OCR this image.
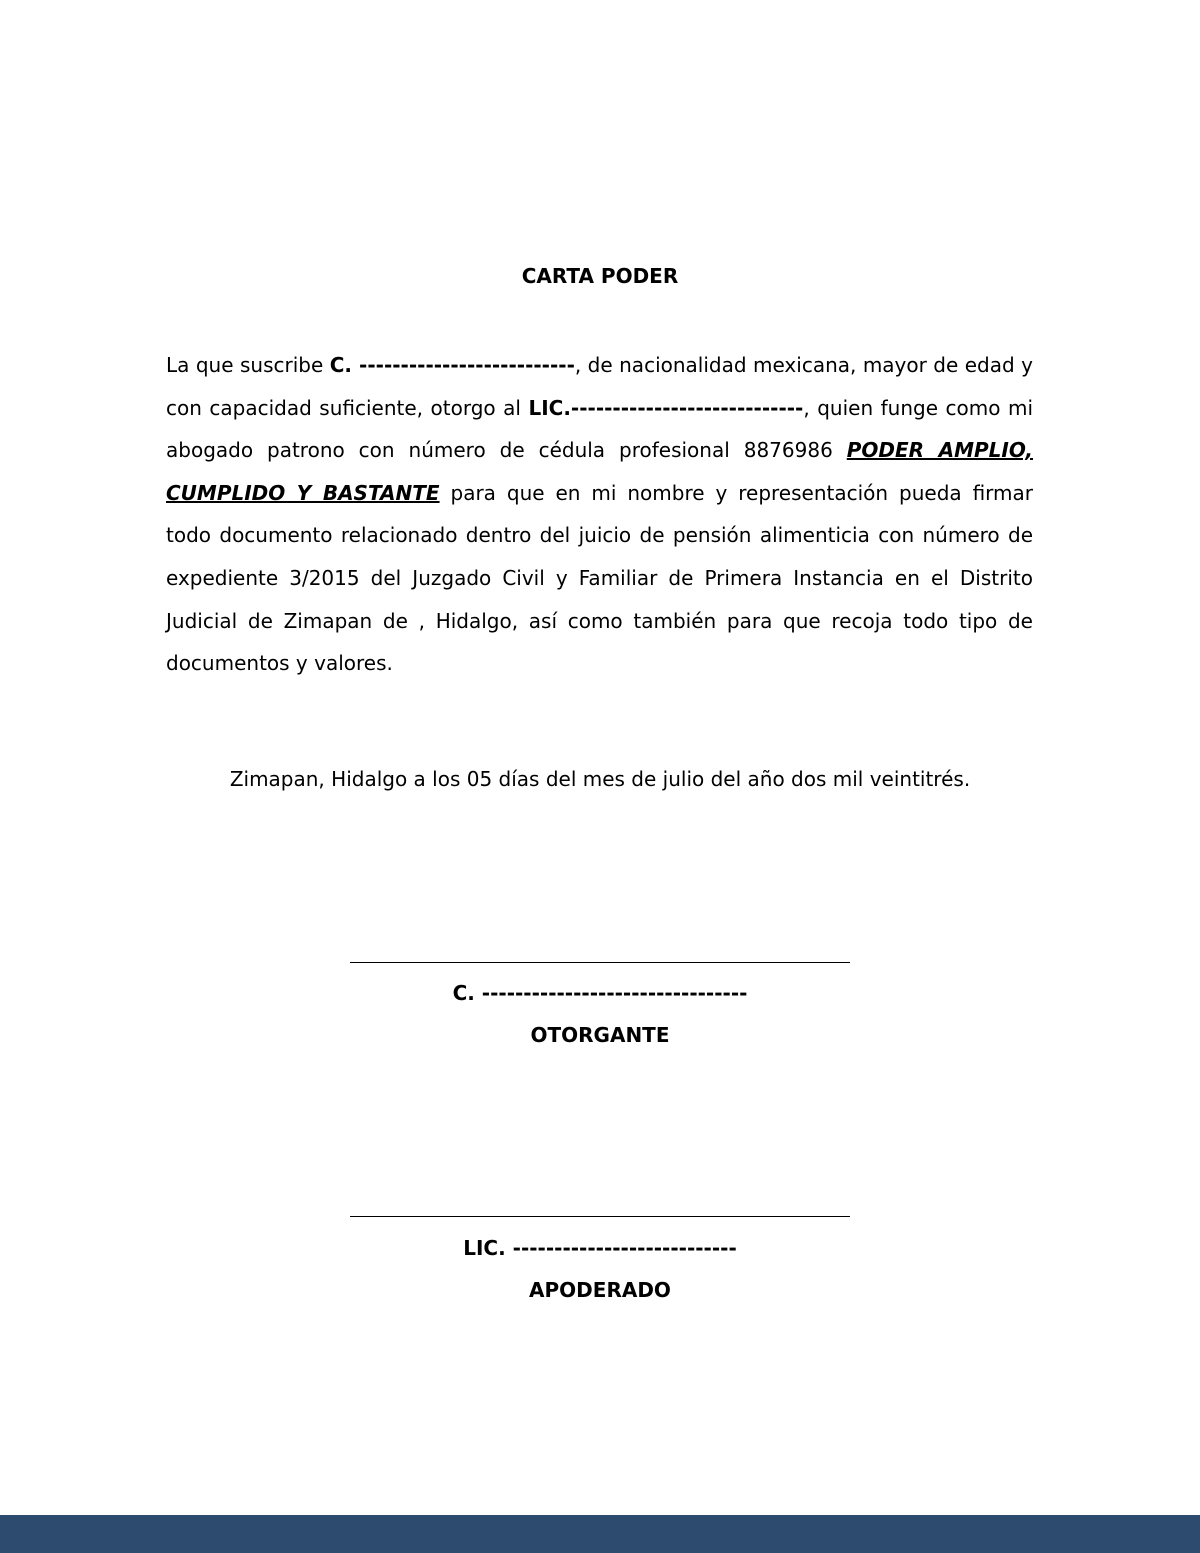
CARTA PODER

La que suscribe C. --------------------------, de nacionalidad mexicana, mayor de edad y con capacidad suficiente, otorgo al LIC.----------------------------, quien funge como mi abogado patrono con número de cédula profesional 8876986 PODER AMPLIO, CUMPLIDO Y BASTANTE para que en mi nombre y representación pueda firmar todo documento relacionado dentro del juicio de pensión alimenticia con número de expediente 3/2015 del Juzgado Civil y Familiar de Primera Instancia en el Distrito Judicial de Zimapan de , Hidalgo, así como también para que recoja todo tipo de documentos y valores.

Zimapan, Hidalgo a los 05 días del mes de julio del año dos mil veintitrés.
C. --------------------------------
OTORGANTE
LIC. ---------------------------
APODERADO
